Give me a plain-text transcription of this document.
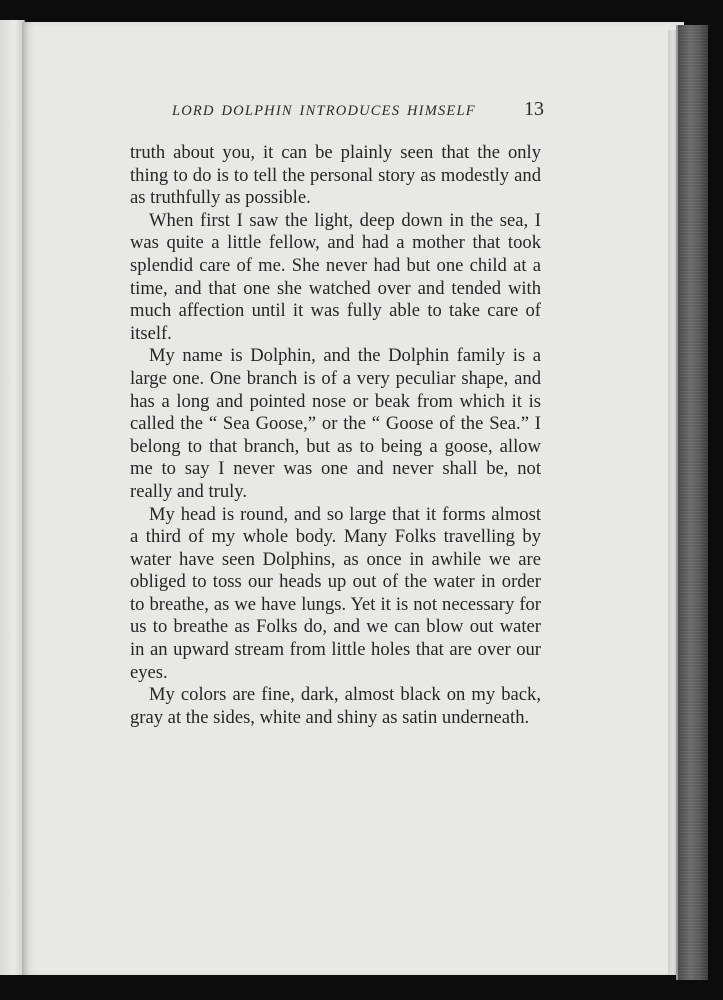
LORD DOLPHIN INTRODUCES HIMSELF 13

truth about you, it can be plainly seen that the only thing to do is to tell the personal story as modestly and as truthfully as possible.

When first I saw the light, deep down in the sea, I was quite a little fellow, and had a mother that took splendid care of me. She never had but one child at a time, and that one she watched over and tended with much affection until it was fully able to take care of itself.

My name is Dolphin, and the Dolphin family is a large one. One branch is of a very peculiar shape, and has a long and pointed nose or beak from which it is called the “ Sea Goose,” or the “ Goose of the Sea.” I belong to that branch, but as to being a goose, allow me to say I never was one and never shall be, not really and truly.

My head is round, and so large that it forms almost a third of my whole body. Many Folks travelling by water have seen Dolphins, as once in awhile we are obliged to toss our heads up out of the water in order to breathe, as we have lungs. Yet it is not necessary for us to breathe as Folks do, and we can blow out water in an upward stream from little holes that are over our eyes.

My colors are fine, dark, almost black on my back, gray at the sides, white and shiny as satin underneath.
